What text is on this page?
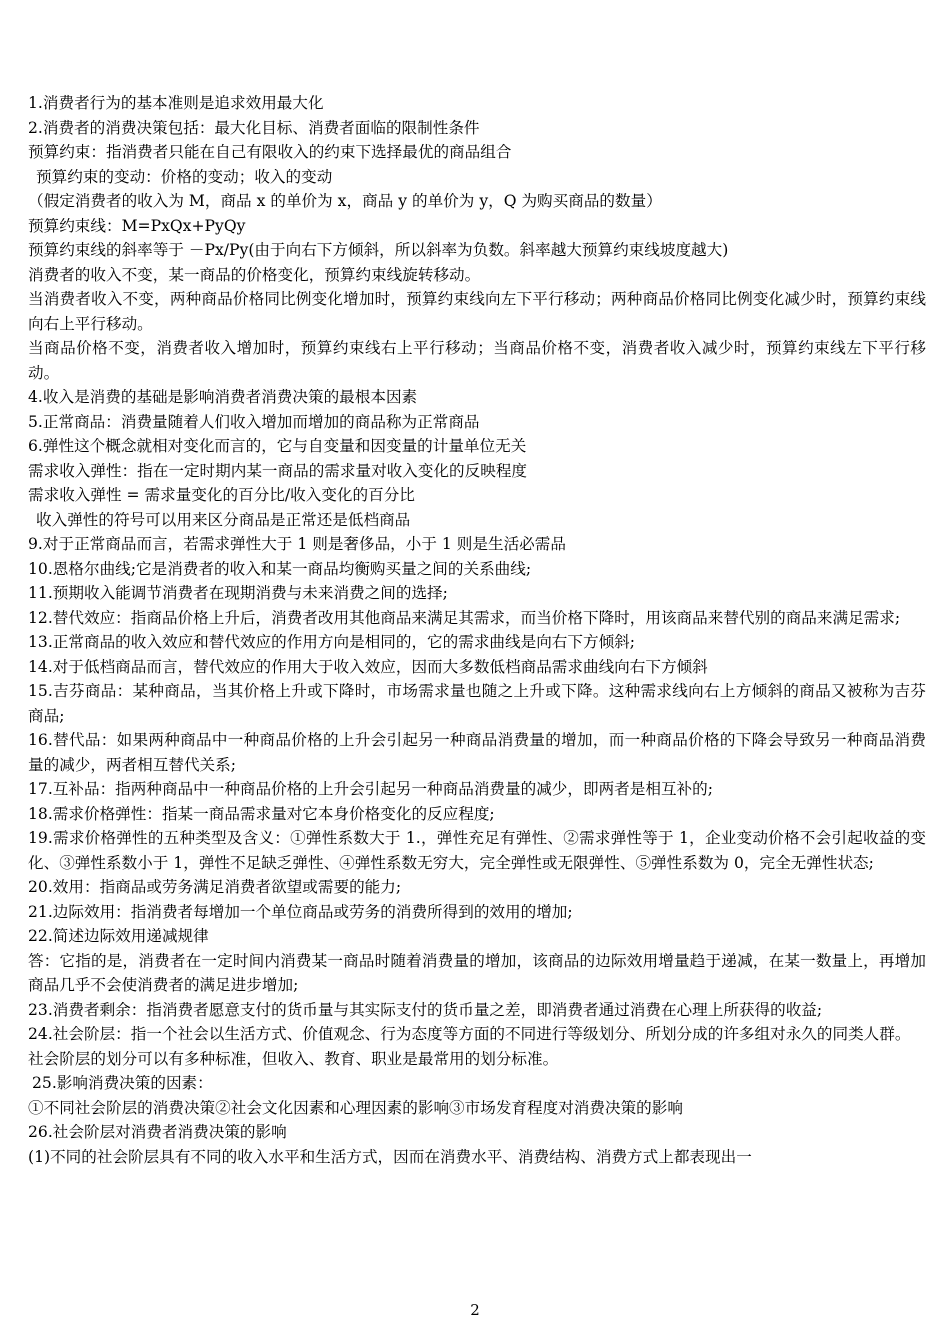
1.消费者行为的基本准则是追求效用最大化

2.消费者的消费决策包括：最大化目标、消费者面临的限制性条件

预算约束：指消费者只能在自己有限收入的约束下选择最优的商品组合

预算约束的变动：价格的变动；收入的变动

（假定消费者的收入为 M，商品 x 的单价为 x，商品 y 的单价为 y，Q 为购买商品的数量）

预算约束线：M=PxQx+PyQy

预算约束线的斜率等于 －Px/Py(由于向右下方倾斜，所以斜率为负数。斜率越大预算约束线坡度越大)

消费者的收入不变，某一商品的价格变化，预算约束线旋转移动。

当消费者收入不变，两种商品价格同比例变化增加时，预算约束线向左下平行移动；两种商品价格同比例变化减少时，预算约束线向右上平行移动。

当商品价格不变，消费者收入增加时，预算约束线右上平行移动；当商品价格不变，消费者收入减少时，预算约束线左下平行移动。

4.收入是消费的基础是影响消费者消费决策的最根本因素

5.正常商品：消费量随着人们收入增加而增加的商品称为正常商品

6.弹性这个概念就相对变化而言的，它与自变量和因变量的计量单位无关

需求收入弹性：指在一定时期内某一商品的需求量对收入变化的反映程度

需求收入弹性 = 需求量变化的百分比/收入变化的百分比

收入弹性的符号可以用来区分商品是正常还是低档商品

9.对于正常商品而言，若需求弹性大于 1 则是奢侈品，小于 1 则是生活必需品

10.恩格尔曲线;它是消费者的收入和某一商品均衡购买量之间的关系曲线;

11.预期收入能调节消费者在现期消费与未来消费之间的选择;

12.替代效应：指商品价格上升后，消费者改用其他商品来满足其需求，而当价格下降时，用该商品来替代别的商品来满足需求;

13.正常商品的收入效应和替代效应的作用方向是相同的，它的需求曲线是向右下方倾斜;

14.对于低档商品而言，替代效应的作用大于收入效应，因而大多数低档商品需求曲线向右下方倾斜

15.吉芬商品：某种商品，当其价格上升或下降时，市场需求量也随之上升或下降。这种需求线向右上方倾斜的商品又被称为吉芬商品;

16.替代品：如果两种商品中一种商品价格的上升会引起另一种商品消费量的增加，而一种商品价格的下降会导致另一种商品消费量的减少，两者相互替代关系;

17.互补品：指两种商品中一种商品价格的上升会引起另一种商品消费量的减少，即两者是相互补的;

18.需求价格弹性：指某一商品需求量对它本身价格变化的反应程度;

19.需求价格弹性的五种类型及含义：①弹性系数大于 1.，弹性充足有弹性、②需求弹性等于 1，企业变动价格不会引起收益的变化、③弹性系数小于 1，弹性不足缺乏弹性、④弹性系数无穷大，完全弹性或无限弹性、⑤弹性系数为 0，完全无弹性状态;

20.效用：指商品或劳务满足消费者欲望或需要的能力;

21.边际效用：指消费者每增加一个单位商品或劳务的消费所得到的效用的增加;

22.简述边际效用递减规律

答：它指的是，消费者在一定时间内消费某一商品时随着消费量的增加，该商品的边际效用增量趋于递减，在某一数量上，再增加商品几乎不会使消费者的满足进步增加;

23.消费者剩余：指消费者愿意支付的货币量与其实际支付的货币量之差，即消费者通过消费在心理上所获得的收益;

24.社会阶层：指一个社会以生活方式、价值观念、行为态度等方面的不同进行等级划分、所划分成的许多组对永久的同类人群。

社会阶层的划分可以有多种标准，但收入、教育、职业是最常用的划分标准。

25.影响消费决策的因素：

①不同社会阶层的消费决策②社会文化因素和心理因素的影响③市场发育程度对消费决策的影响

26.社会阶层对消费者消费决策的影响

(1)不同的社会阶层具有不同的收入水平和生活方式，因而在消费水平、消费结构、消费方式上都表现出一

2
